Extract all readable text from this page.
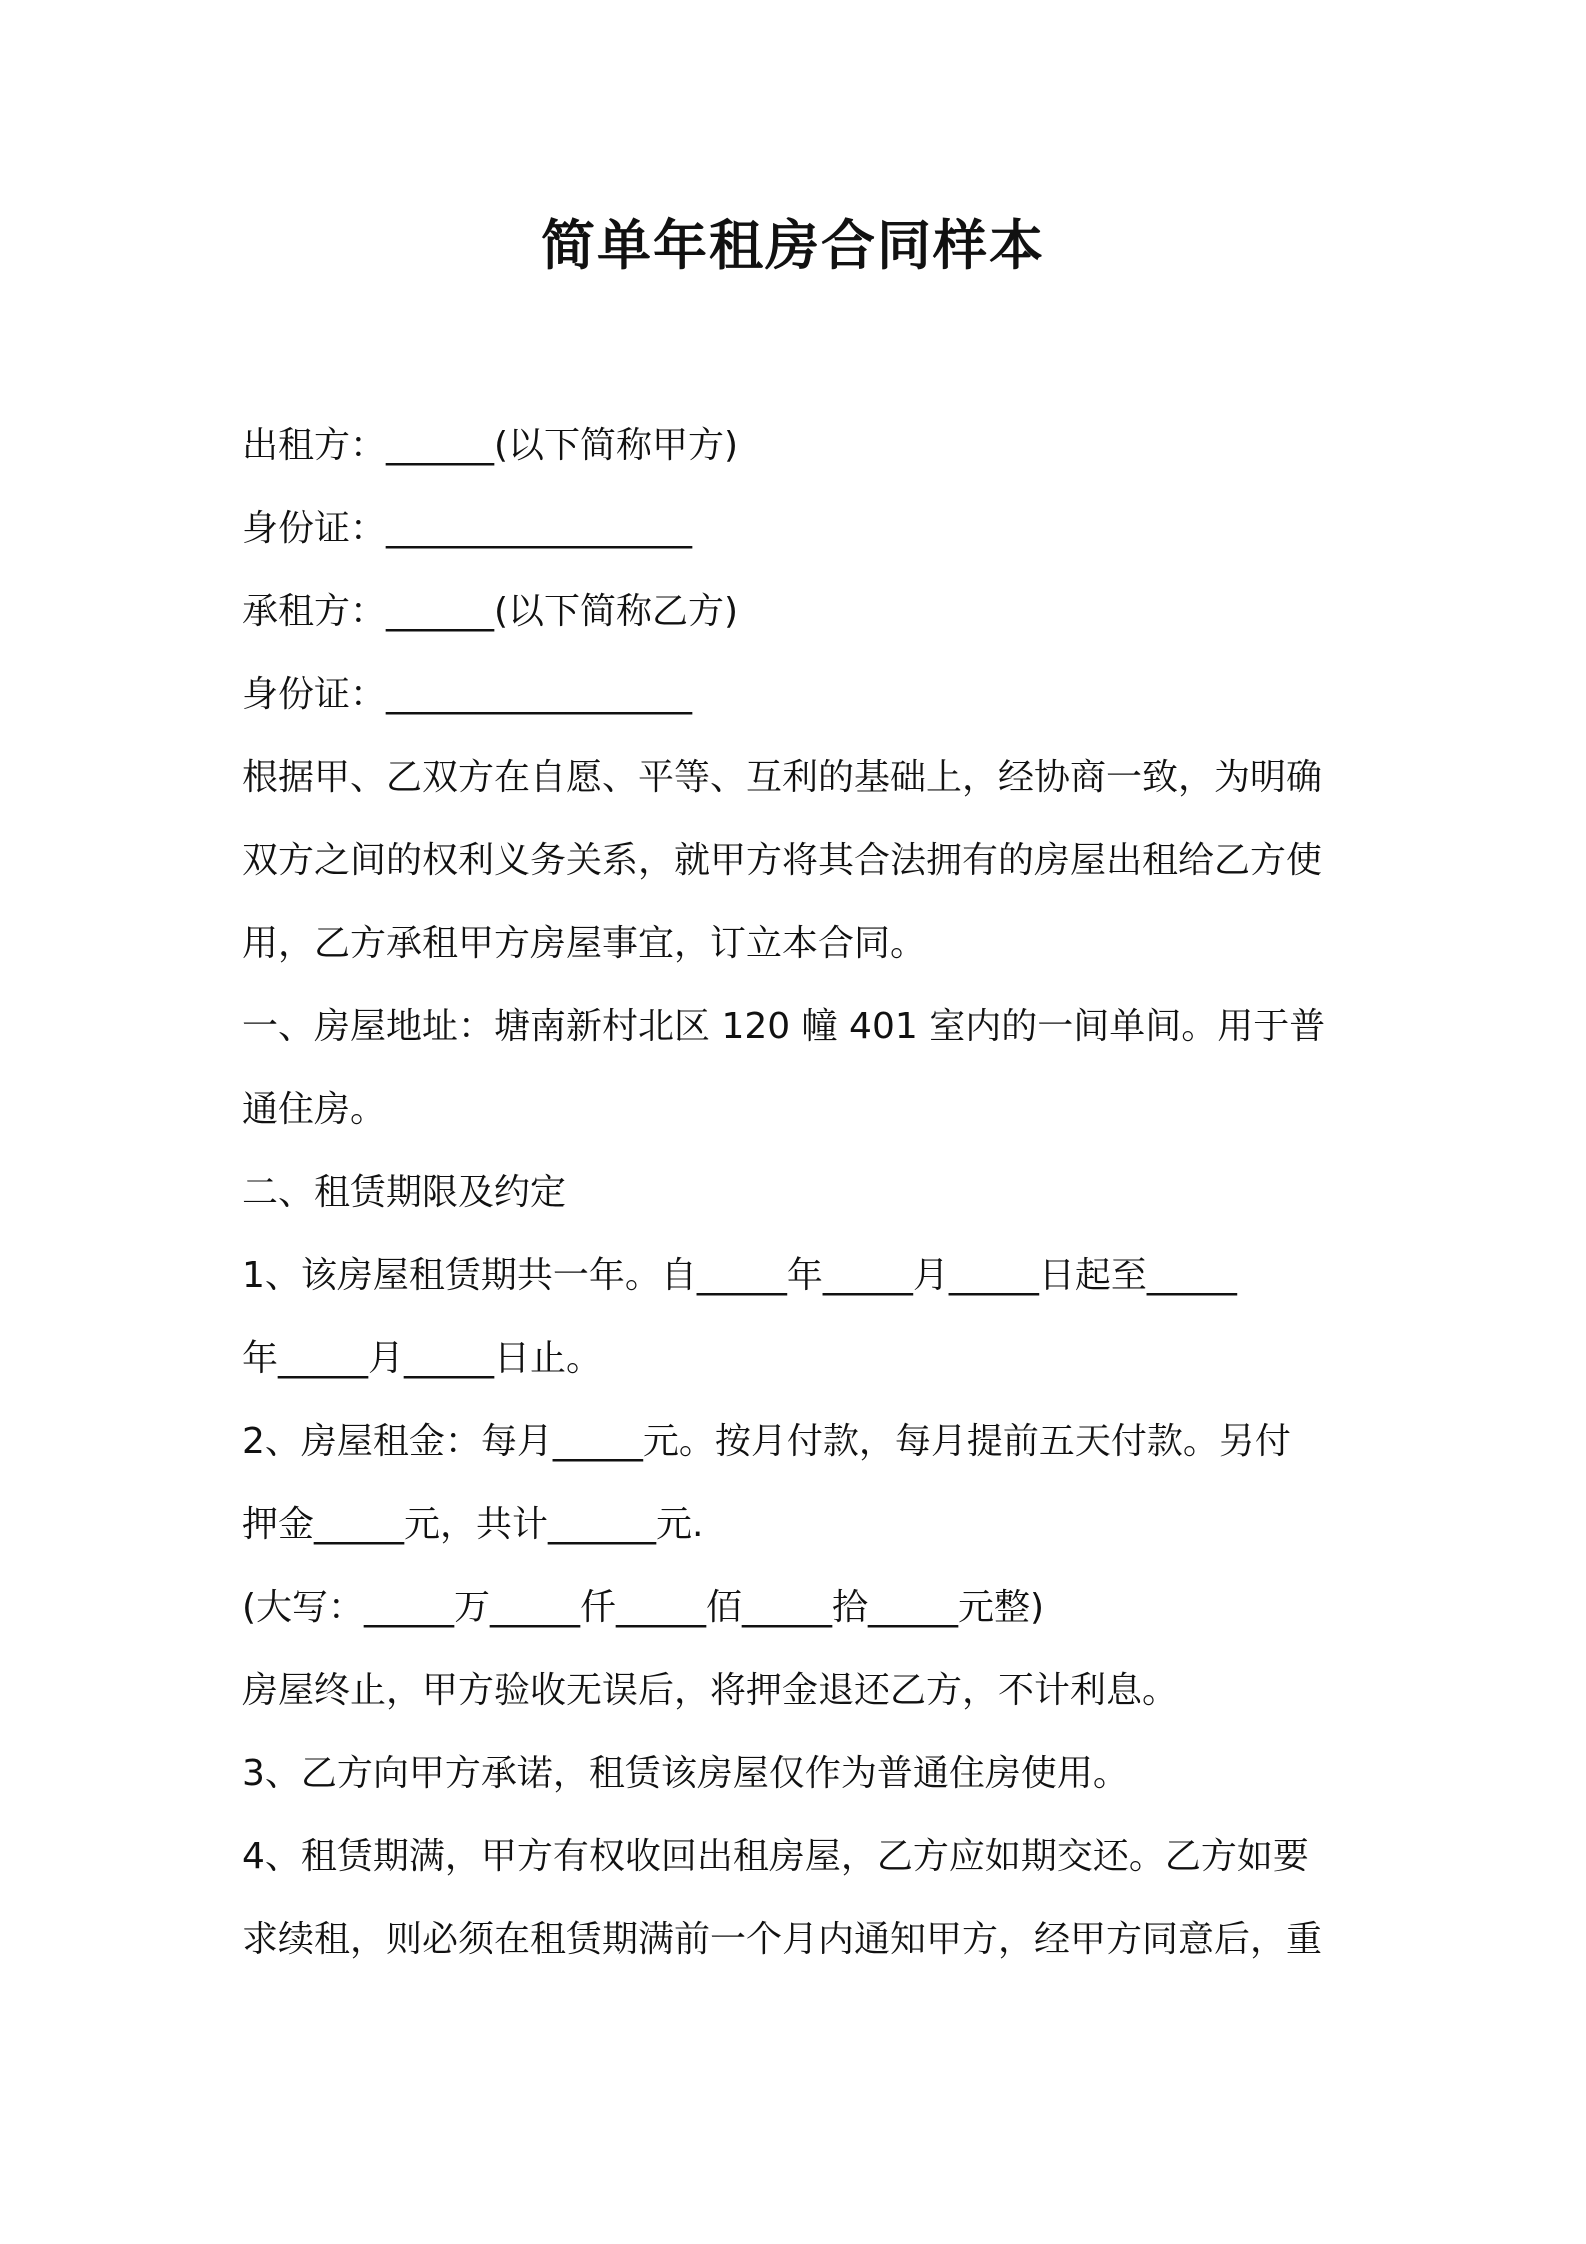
简单年租房合同样本
出租方：______(以下简称甲方)
身份证：_________________
承租方：______(以下简称乙方)
身份证：_________________
根据甲、乙双方在自愿、平等、互利的基础上，经协商一致，为明确
双方之间的权利义务关系，就甲方将其合法拥有的房屋出租给乙方使
用，乙方承租甲方房屋事宜，订立本合同。
一、房屋地址：塘南新村北区 120 幢 401 室内的一间单间。用于普
通住房。
二、租赁期限及约定
1、该房屋租赁期共一年。自_____年_____月_____日起至_____
年_____月_____日止。
2、房屋租金：每月_____元。按月付款，每月提前五天付款。另付
押金_____元，共计______元.
(大写：_____万_____仟_____佰_____拾_____元整)
房屋终止，甲方验收无误后，将押金退还乙方，不计利息。
3、乙方向甲方承诺，租赁该房屋仅作为普通住房使用。
4、租赁期满，甲方有权收回出租房屋，乙方应如期交还。乙方如要
求续租，则必须在租赁期满前一个月内通知甲方，经甲方同意后，重
